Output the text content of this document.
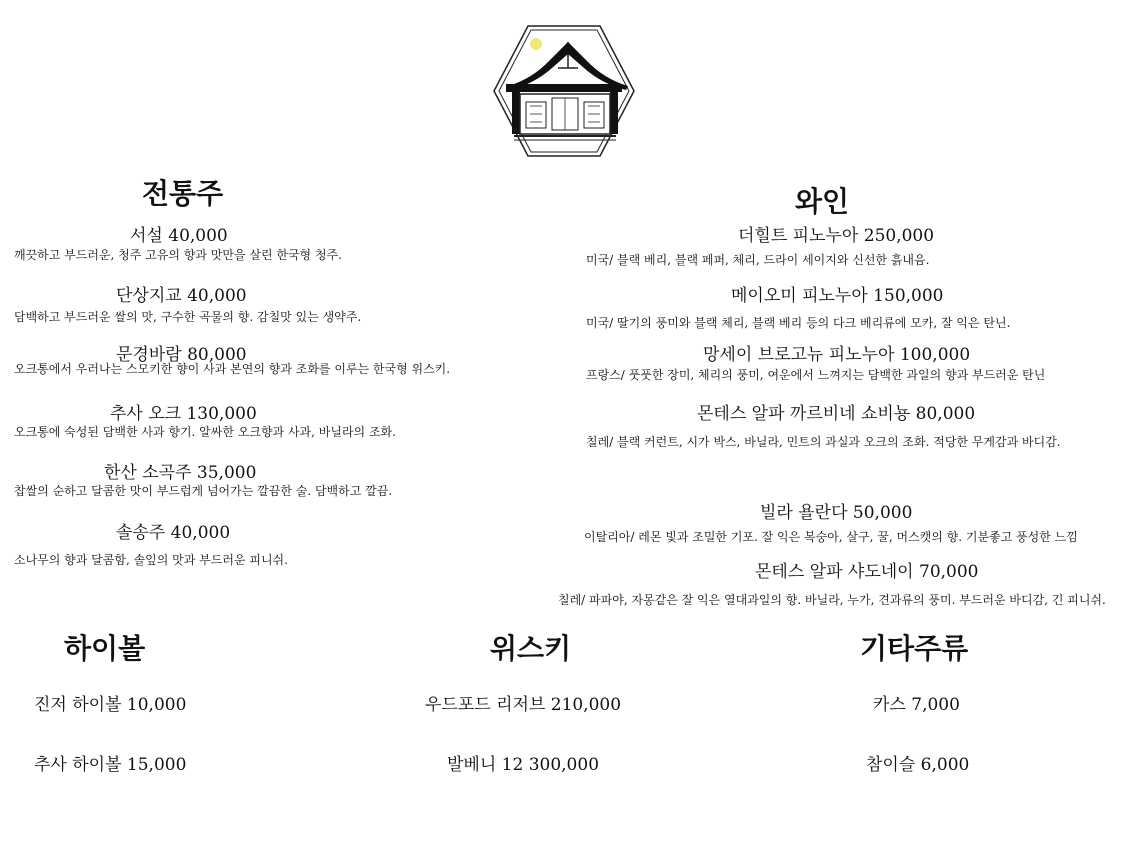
전통주
서설 40,000
깨끗하고 부드러운, 청주 고유의 향과 맛만을 살린 한국형 청주.
단상지교 40,000
담백하고 부드러운 쌀의 맛, 구수한 곡물의 향. 감칠맛 있는 생약주.
문경바람 80,000
오크통에서 우러나는 스모키한 향이 사과 본연의 향과 조화를 이루는 한국형 위스키.
추사 오크 130,000
오크통에 숙성된 담백한 사과 향기. 알싸한 오크향과 사과, 바닐라의 조화.
한산 소곡주 35,000
찹쌀의 순하고 달콤한 맛이 부드럽게 넘어가는 깔끔한 술. 담백하고 깔끔.
솔송주 40,000
소나무의 향과 달콤함, 솔잎의 맛과 부드러운 피니쉬.
와인
더힐트 피노누아 250,000
미국/ 블랙 베리, 블랙 페퍼, 체리, 드라이 세이지와 신선한 흙내음.
메이오미 피노누아 150,000
미국/ 딸기의 풍미와 블랙 체리, 블랙 베리 등의 다크 베리류에 모카, 잘 익은 탄닌.
망세이 브로고뉴 피노누아 100,000
프랑스/ 풋풋한 장미, 체리의 풍미, 여운에서 느껴지는 담백한 과일의 향과 부드러운 탄닌
몬테스 알파 까르비네 쇼비뇽 80,000
칠레/ 블랙 커런트, 시가 박스, 바닐라, 민트의 과실과 오크의 조화. 적당한 무게감과 바디감.
빌라 욜란다 50,000
이탈리아/ 레몬 빛과 조밀한 기포. 잘 익은 복숭아, 살구, 꿀, 머스캣의 향. 기분좋고 풍성한 느낌
몬테스 알파 샤도네이 70,000
칠레/ 파파야, 자몽같은 잘 익은 열대과일의 향. 바닐라, 누가, 견과류의 풍미. 부드러운 바디감, 긴 피니쉬.
하이볼
진저 하이볼 10,000
추사 하이볼 15,000
위스키
우드포드 리저브 210,000
발베니 12 300,000
기타주류
카스 7,000
참이슬 6,000
